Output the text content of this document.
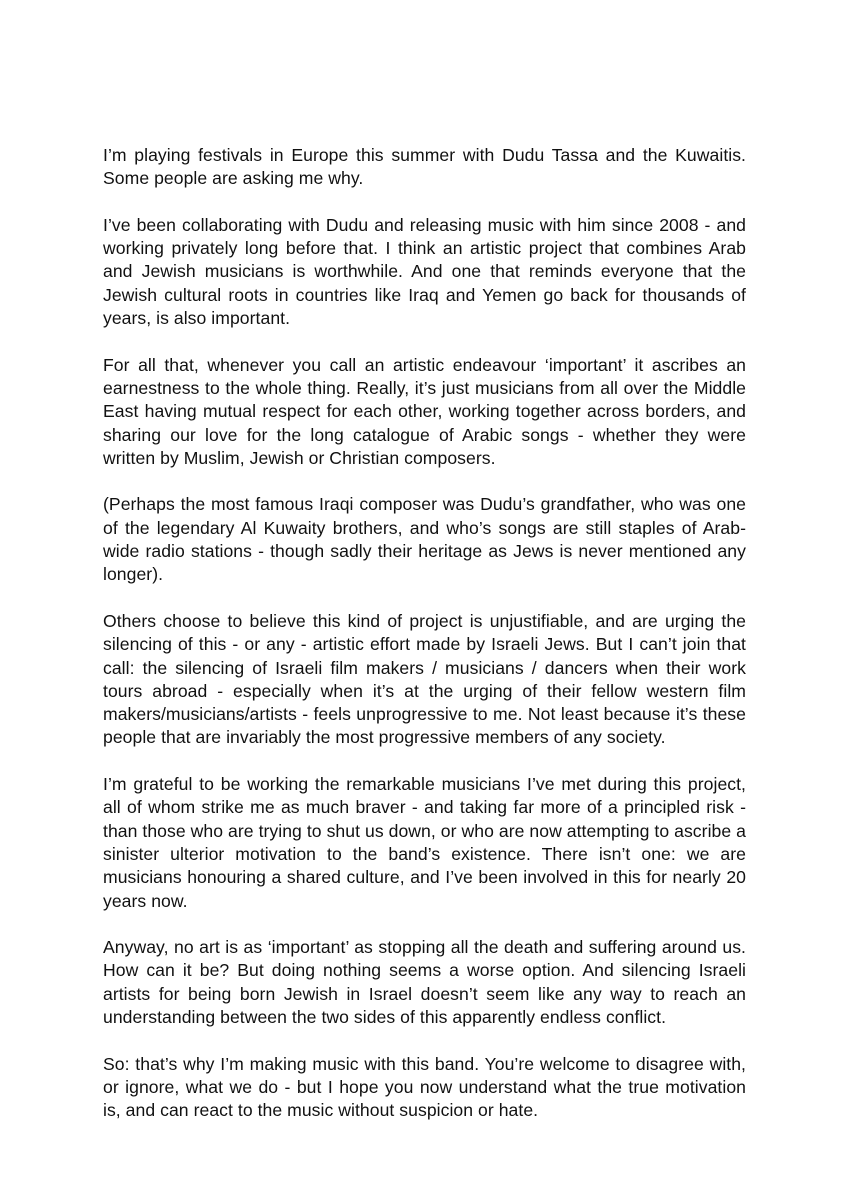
I’m playing festivals in Europe this summer with Dudu Tassa and the Kuwaitis. Some people are asking me why.

I’ve been collaborating with Dudu and releasing music with him since 2008 - and working privately long before that. I think an artistic project that combines Arab and Jewish musicians is worthwhile. And one that reminds everyone that the Jewish cultural roots in countries like Iraq and Yemen go back for thousands of years, is also important.

For all that, whenever you call an artistic endeavour ‘important’ it ascribes an earnestness to the whole thing. Really, it’s just musicians from all over the Middle East having mutual respect for each other, working together across borders, and sharing our love for the long catalogue of Arabic songs - whether they were written by Muslim, Jewish or Christian composers.

(Perhaps the most famous Iraqi composer was Dudu’s grandfather, who was one of the legendary Al Kuwaity brothers, and who’s songs are still staples of Arab-wide radio stations - though sadly their heritage as Jews is never mentioned any longer).

Others choose to believe this kind of project is unjustifiable, and are urging the silencing of this - or any - artistic effort made by Israeli Jews. But I can’t join that call: the silencing of Israeli film makers / musicians / dancers when their work tours abroad - especially when it’s at the urging of their fellow western film makers/musicians/artists - feels unprogressive to me. Not least because it’s these people that are invariably the most progressive members of any society.

I’m grateful to be working the remarkable musicians I’ve met during this project, all of whom strike me as much braver - and taking far more of a principled risk - than those who are trying to shut us down, or who are now attempting to ascribe a sinister ulterior motivation to the band’s existence. There isn’t one: we are musicians honouring a shared culture, and I’ve been involved in this for nearly 20 years now.

Anyway, no art is as ‘important’ as stopping all the death and suffering around us. How can it be? But doing nothing seems a worse option. And silencing Israeli artists for being born Jewish in Israel doesn’t seem like any way to reach an understanding between the two sides of this apparently endless conflict.

So: that’s why I’m making music with this band. You’re welcome to disagree with, or ignore, what we do - but I hope you now understand what the true motivation is, and can react to the music without suspicion or hate.
